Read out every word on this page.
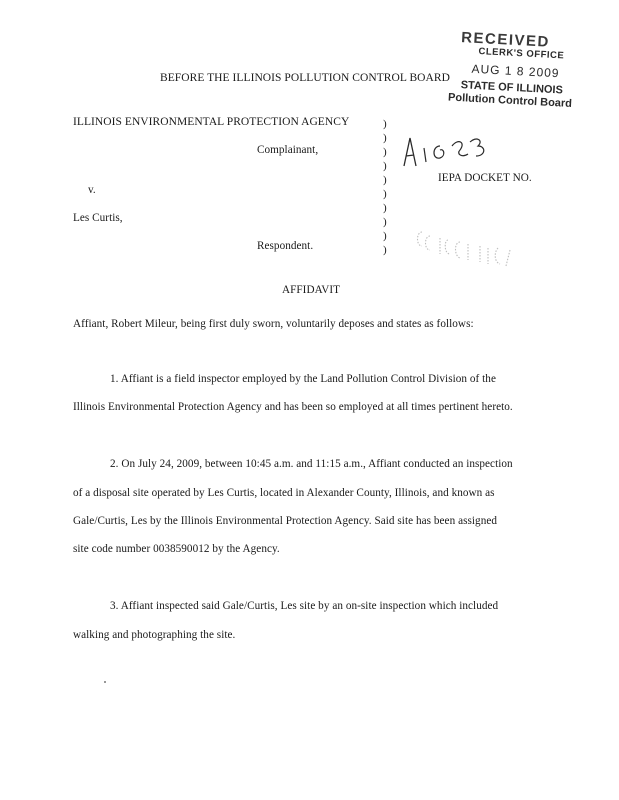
RECEIVED
CLERK'S OFFICE
AUG 1 8 2009
STATE OF ILLINOIS
Pollution Control Board
BEFORE THE ILLINOIS POLLUTION CONTROL BOARD
ILLINOIS ENVIRONMENTAL PROTECTION AGENCY
Complainant,
v.
Les Curtis,
Respondent.
)
)
)
)
)
)
)
)
)
)
IEPA DOCKET NO.
AFFIDAVIT
Affiant, Robert Mileur, being first duly sworn, voluntarily deposes and states as follows:
1. Affiant is a field inspector employed by the Land Pollution Control Division of the
Illinois Environmental Protection Agency and has been so employed at all times pertinent hereto.
2. On July 24, 2009, between 10:45 a.m. and 11:15 a.m., Affiant conducted an inspection
of a disposal site operated by Les Curtis, located in Alexander County, Illinois, and known as
Gale/Curtis, Les by the Illinois Environmental Protection Agency. Said site has been assigned
site code number 0038590012 by the Agency.
3. Affiant inspected said Gale/Curtis, Les site by an on-site inspection which included
walking and photographing the site.
